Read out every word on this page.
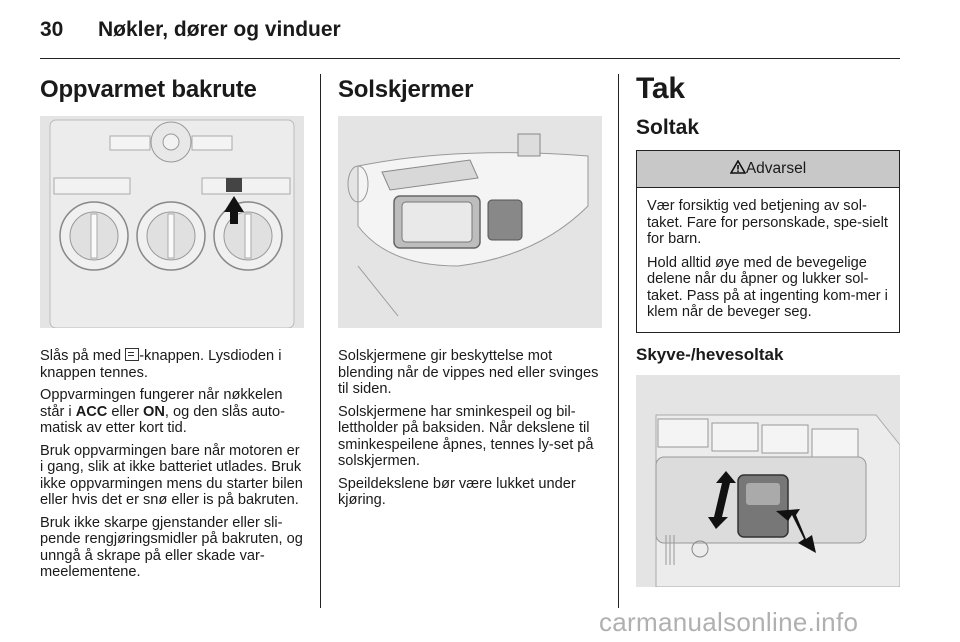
30 Nøkler, dører og vinduer
Oppvarmet bakrute

Slås på med
-knappen. Lysdioden i knappen tennes.

Oppvarmingen fungerer når nøkkelen står i ACC eller ON, og den slås auto-matisk av etter kort tid.

Bruk oppvarmingen bare når motoren er i gang, slik at ikke batteriet utlades. Bruk ikke oppvarmingen mens du starter bilen eller hvis det er snø eller is på bakruten.

Bruk ikke skarpe gjenstander eller sli-pende rengjøringsmidler på bakruten, og unngå å skrape på eller skade var-meelementene.

Solskjermer

Solskjermene gir beskyttelse mot blending når de vippes ned eller svinges til siden.

Solskjermene har sminkespeil og bil-lettholder på baksiden. Når dekslene til sminkespeilene åpnes, tennes ly-set på solskjermen.

Speildekslene bør være lukket under kjøring.

Tak
Soltak
Advarsel

Vær forsiktig ved betjening av sol-taket. Fare for personskade, spe-sielt for barn.

Hold alltid øye med de bevegelige delene når du åpner og lukker sol-taket. Pass på at ingenting kom-mer i klem når de beveger seg.

Skyve-/hevesoltak
carmanualsonline.info
